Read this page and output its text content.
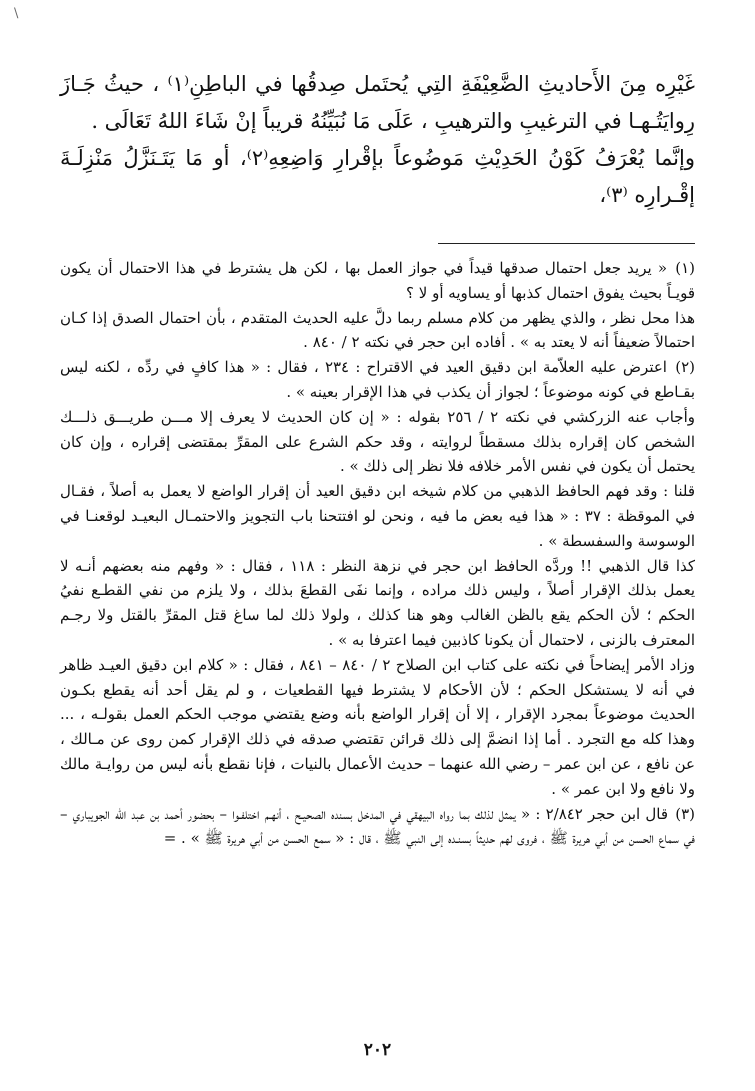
\

غَيْرِه مِنَ الأَحاديثِ الضَّعِيْفَةِ التِي يُحتَمل صِدقُها في الباطِنِ⁽١⁾ ، حيثُ جَـازَ رِوايَتُـهـا في الترغيبِ والترهيبِ ، عَلَى مَا نُبَيِّنُهُ قريباً إنْ شَاءَ اللهُ تَعَالَى .

وإنَّما يُعْرَفُ كَوْنُ الحَدِيْثِ مَوضُوعاً بإقْرارِ وَاضِعِهِ⁽٢⁾، أو مَا يَتَـنَزَّلُ مَنْزِلَـةَ إقْـرارِه ⁽٣⁾،

(١) « يريد جعل احتمال صدقها قيداً في جواز العمل بها ، لكن هل يشترط في هذا الاحتمال أن يكون قويـاً بحيث يفوق احتمال كذبها أو يساويه أو لا ؟

هذا محل نظر ، والذي يظهر من كلام مسلم ربما دلَّ عليه الحديث المتقدم ، بأن احتمال الصدق إذا كـان احتمالاً ضعيفاً أنه لا يعتد به » . أفاده ابن حجر في نكته ٢ / ٨٤٠ .

(٢) اعترض عليه العلاّمة ابن دقيق العيد في الاقتراح : ٢٣٤ ، فقال : « هذا كافٍ في ردِّه ، لكنه ليس بقـاطع في كونه موضوعاً ؛ لجواز أن يكذب في هذا الإقرار بعينه » .

وأجاب عنه الزركشي في نكته ٢ / ٢٥٦ بقوله : « إن كان الحديث لا يعرف إلا مـــن طريـــق ذلـــك الشخص كان إقراره بذلك مسقطاً لروايته ، وقد حكم الشرع على المقرِّ بمقتضى إقراره ، وإن كان يحتمل أن يكون في نفس الأمر خلافه فلا نظر إلى ذلك » .

قلنا : وقد فهم الحافظ الذهبي من كلام شيخه ابن دقيق العيد أن إقرار الواضع لا يعمل به أصلاً ، فقـال في الموقظة : ٣٧ : « هذا فيه بعض ما فيه ، ونحن لو افتتحنا باب التجويز والاحتمـال البعيـد لوقعنـا في الوسوسة والسفسطة » .

كذا قال الذهبي !! وردَّه الحافظ ابن حجر في نزهة النظر : ١١٨ ، فقال : « وفهم منه بعضهم أنـه لا يعمل بذلك الإقرار أصلاً ، وليس ذلك مراده ، وإنما نفَى القطعَ بذلك ، ولا يلزم من نفي القطـع نفيُ الحكم ؛ لأن الحكم يقع بالظن الغالب وهو هنا كذلك ، ولولا ذلك لما ساغ قتل المقرِّ بالقتل ولا رجـم المعترف بالزنى ، لاحتمال أن يكونا كاذبين فيما اعترفا به » .

وزاد الأمر إيضاحاً في نكته على كتاب ابن الصلاح ٢ / ٨٤٠ – ٨٤١ ، فقال : « كلام ابن دقيق العيـد ظاهر في أنه لا يستشكل الحكم ؛ لأن الأحكام لا يشترط فيها القطعيات ، و لم يقل أحد أنه يقطع بكـون الحديث موضوعاً بمجرد الإقرار ، إلا أن إقرار الواضع بأنه وضع يقتضي موجب الحكم العمل بقولـه ، ... وهذا كله مع التجرد . أما إذا انضمَّ إلى ذلك قرائن تقتضي صدقه في ذلك الإقرار كمن روى عن مـالك ، عن نافع ، عن ابن عمر – رضي الله عنهما – حديث الأعمال بالنيات ، فإنا نقطع بأنه ليس من روايـة مالك ولا نافع ولا ابن عمر » .

(٣) قال ابن حجر ٢/٨٤٢ : « يمثل لذلك بما رواه البيهقي في المدخل بسنده الصحيـح ، أنهـم اختلفـوا – بحضور أحمد بن عبد الله الجويباري – في سماع الحسن من أبي هريرة ﷺ ، فروى لهم حديثاً بسنـده إلى النبي ﷺ ، قال : « سمع الحسن من أبي هريرة ﷺ » . =

٢٠٢
